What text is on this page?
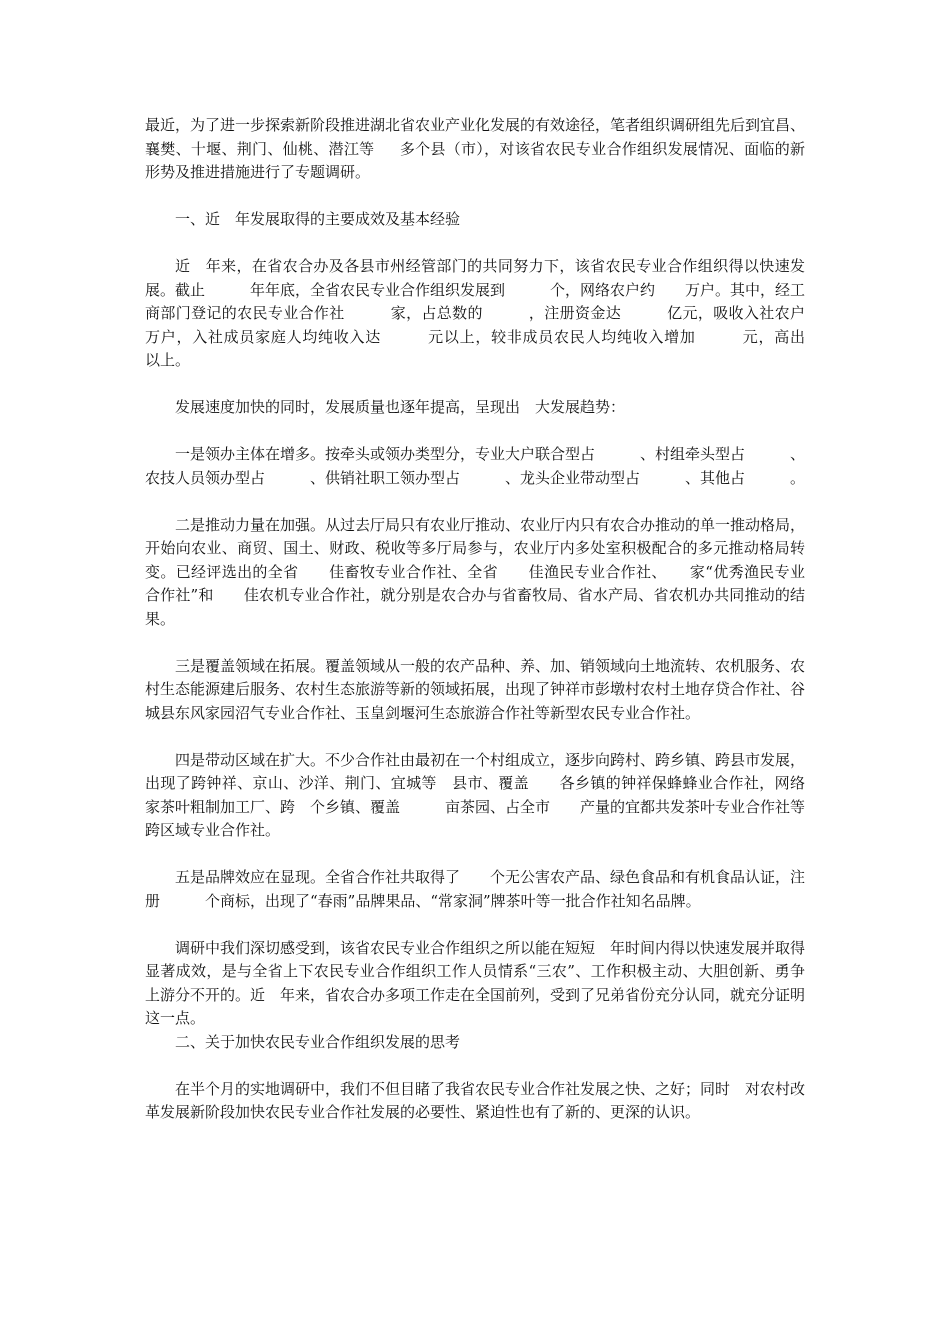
最近，为了进一步探索新阶段推进湖北省农业产业化发展的有效途径，笔者组织调研组先后到宜昌、襄樊、十堰、荆门、仙桃、潜江等　  多个县（市），对该省农民专业合作组织发展情况、面临的新形势及推进措施进行了专题调研。

一、近　年发展取得的主要成效及基本经验

近　年来，在省农合办及各县市州经管部门的共同努力下，该省农民专业合作组织得以快速发展。截止　　　年年底，全省农民专业合作组织发展到　　　个，网络农户约　　万户。其中，经工商部门登记的农民专业合作社　　　家，占总数的　　　，注册资金达　　　亿元，吸收入社农户　　万户，入社成员家庭人均纯收入达　　　元以上，较非成员农民人均纯收入增加　　　元，高出　　以上。

发展速度加快的同时，发展质量也逐年提高，呈现出　大发展趋势：

一是领办主体在增多。按牵头或领办类型分，专业大户联合型占　　　、村组牵头型占　　　、农技人员领办型占　　　、供销社职工领办型占　　　、龙头企业带动型占　　　、其他占　　　。

二是推动力量在加强。从过去厅局只有农业厅推动、农业厅内只有农合办推动的单一推动格局，开始向农业、商贸、国土、财政、税收等多厅局参与，农业厅内多处室积极配合的多元推动格局转变。已经评选出的全省　　佳畜牧专业合作社、全省　　佳渔民专业合作社、　　家“优秀渔民专业合作社”和　　佳农机专业合作社，就分别是农合办与省畜牧局、省水产局、省农机办共同推动的结果。

三是覆盖领域在拓展。覆盖领域从一般的农产品种、养、加、销领域向土地流转、农机服务、农村生态能源建后服务、农村生态旅游等新的领域拓展，出现了钟祥市彭墩村农村土地存贷合作社、谷城县东风家园沼气专业合作社、玉皇剑堰河生态旅游合作社等新型农民专业合作社。

四是带动区域在扩大。不少合作社由最初在一个村组成立，逐步向跨村、跨乡镇、跨县市发展，出现了跨钟祥、京山、沙洋、荆门、宜城等　县市、覆盖　　各乡镇的钟祥保蜂蜂业合作社，网络　　家茶叶粗制加工厂、跨　个乡镇、覆盖　　　亩茶园、占全市　　产量的宜都共发茶叶专业合作社等跨区域专业合作社。

五是品牌效应在显现。全省合作社共取得了　　个无公害农产品、绿色食品和有机食品认证，注册　　　个商标，出现了“春雨”品牌果品、“常家洞”牌茶叶等一批合作社知名品牌。

调研中我们深切感受到，该省农民专业合作组织之所以能在短短　年时间内得以快速发展并取得显著成效，是与全省上下农民专业合作组织工作人员情系“三农”、工作积极主动、大胆创新、勇争上游分不开的。近　年来，省农合办多项工作走在全国前列，受到了兄弟省份充分认同，就充分证明这一点。

二、关于加快农民专业合作组织发展的思考

在半个月的实地调研中，我们不但目睹了我省农民专业合作社发展之快、之好；同时　对农村改革发展新阶段加快农民专业合作社发展的必要性、紧迫性也有了新的、更深的认识。
